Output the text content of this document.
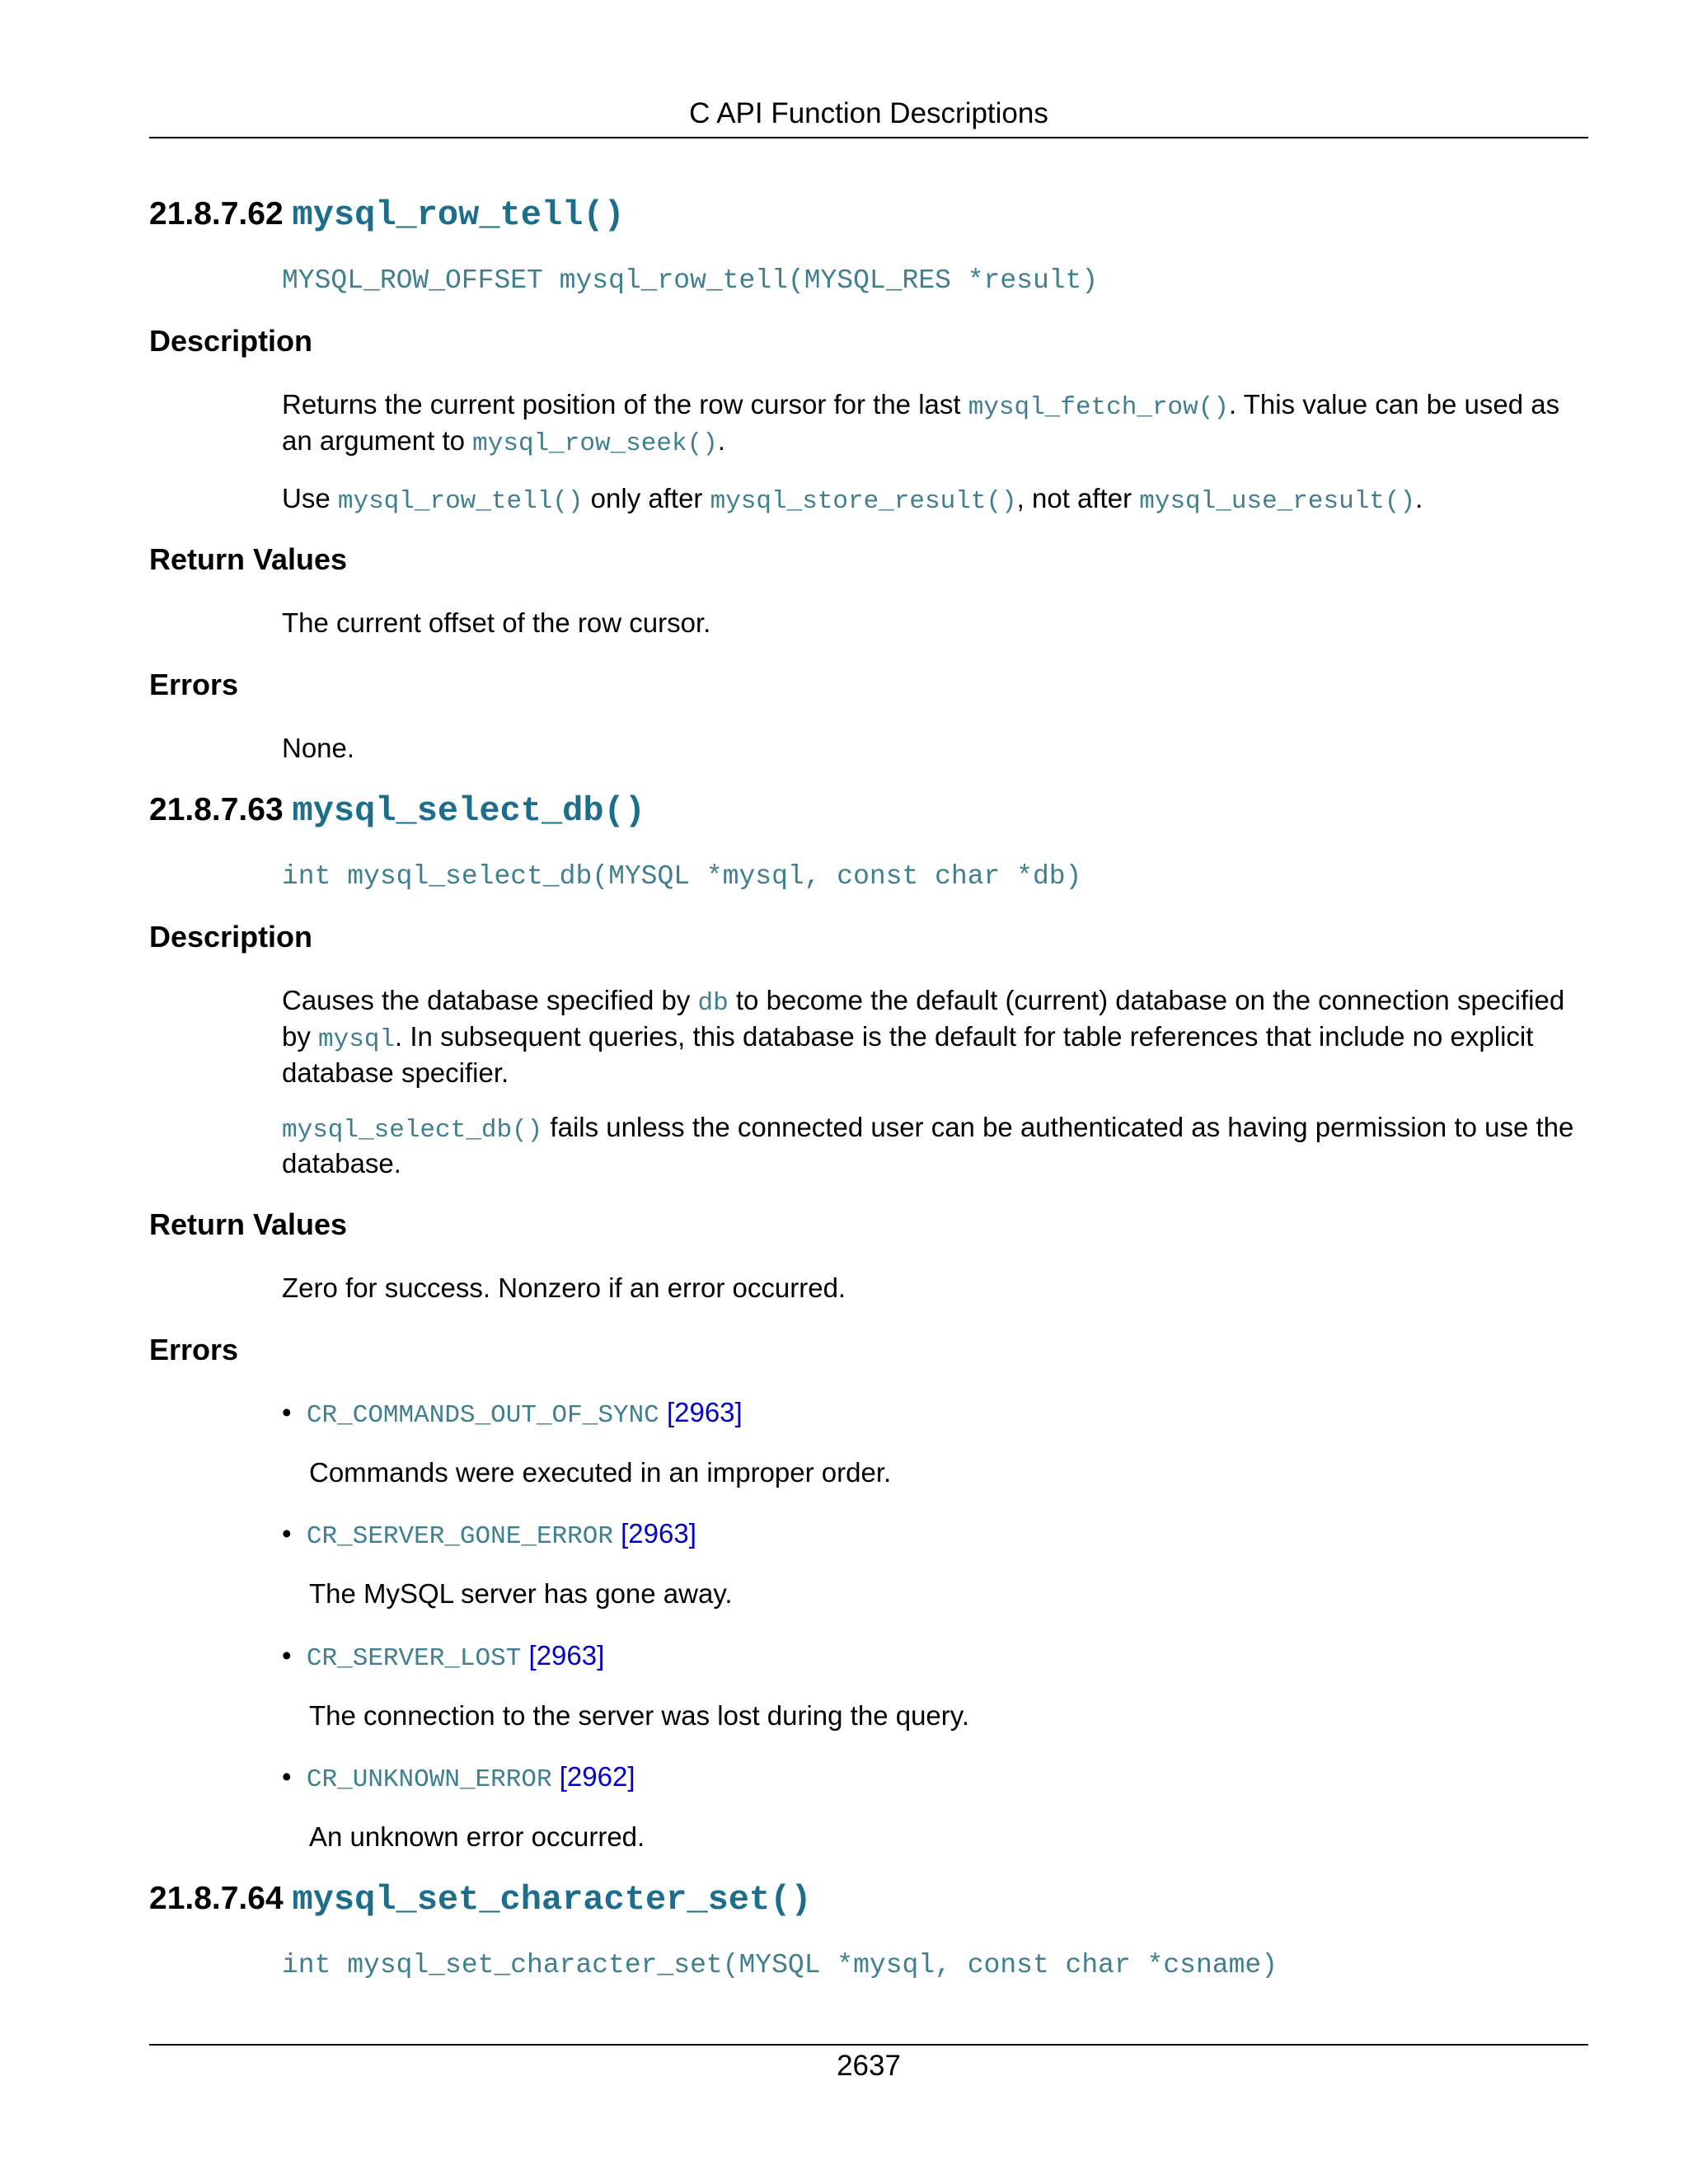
C API Function Descriptions
21.8.7.62 mysql_row_tell()
MYSQL_ROW_OFFSET mysql_row_tell(MYSQL_RES *result)
Description
Returns the current position of the row cursor for the last mysql_fetch_row(). This value can be used as an argument to mysql_row_seek().
Use mysql_row_tell() only after mysql_store_result(), not after mysql_use_result().
Return Values
The current offset of the row cursor.
Errors
None.
21.8.7.63 mysql_select_db()
int mysql_select_db(MYSQL *mysql, const char *db)
Description
Causes the database specified by db to become the default (current) database on the connection specified by mysql. In subsequent queries, this database is the default for table references that include no explicit database specifier.
mysql_select_db() fails unless the connected user can be authenticated as having permission to use the database.
Return Values
Zero for success. Nonzero if an error occurred.
Errors
• CR_COMMANDS_OUT_OF_SYNC [2963]
Commands were executed in an improper order.
• CR_SERVER_GONE_ERROR [2963]
The MySQL server has gone away.
• CR_SERVER_LOST [2963]
The connection to the server was lost during the query.
• CR_UNKNOWN_ERROR [2962]
An unknown error occurred.
21.8.7.64 mysql_set_character_set()
int mysql_set_character_set(MYSQL *mysql, const char *csname)
2637
